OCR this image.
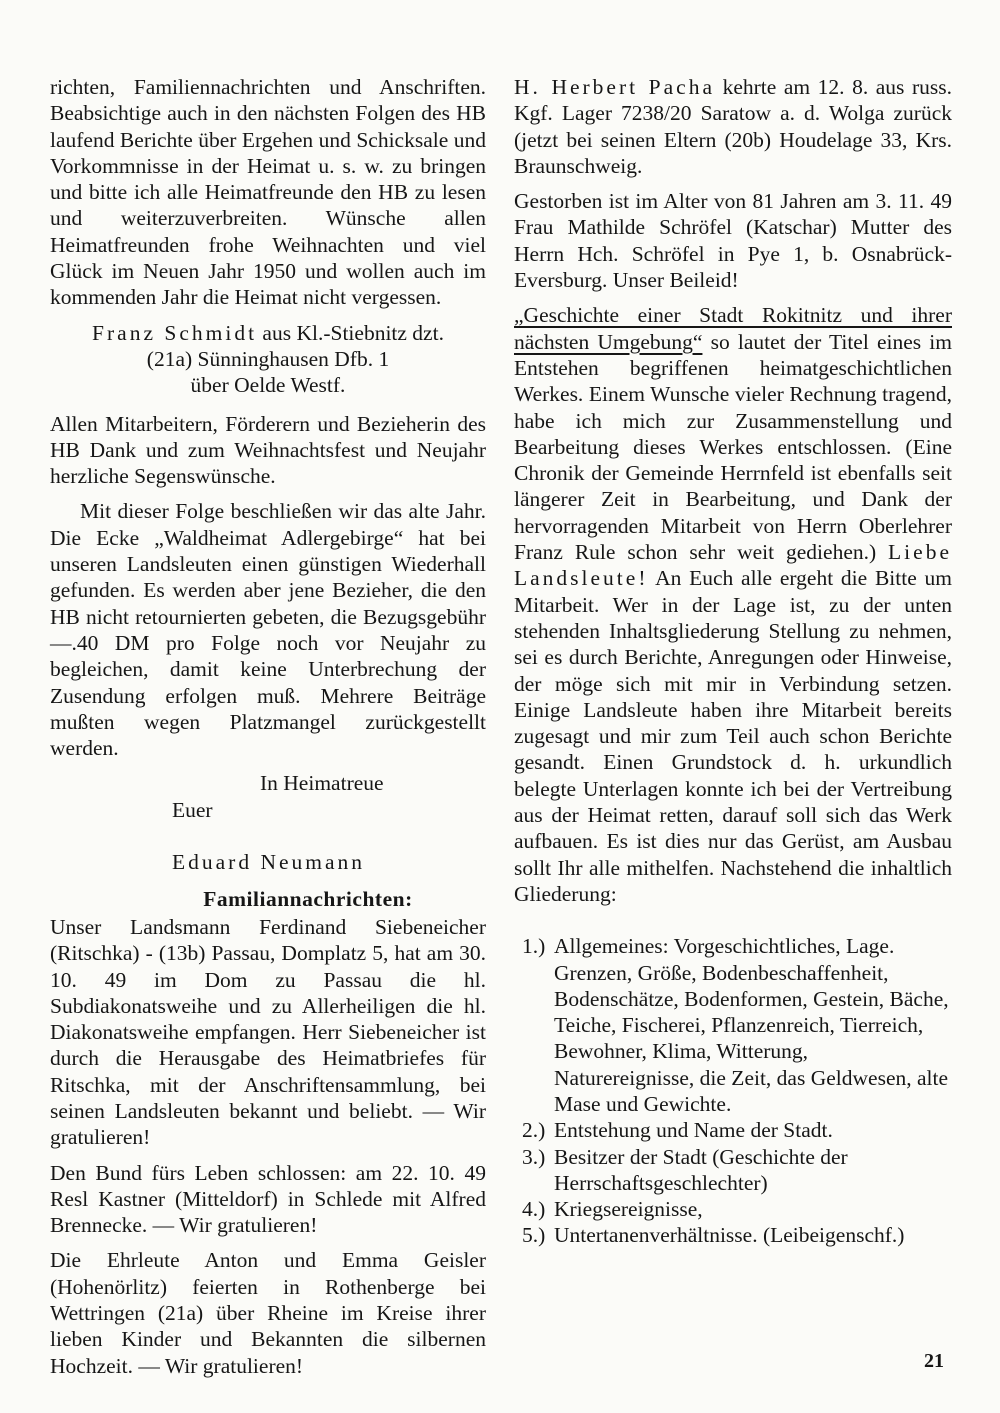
richten, Familiennachrichten und Anschriften. Beabsichtige auch in den nächsten Folgen des HB laufend Berichte über Ergehen und Schicksale und Vorkommnisse in der Heimat u. s. w. zu bringen und bitte ich alle Heimatfreunde den HB zu lesen und weiterzuverbreiten. Wünsche allen Heimatfreunden frohe Weihnachten und viel Glück im Neuen Jahr 1950 und wollen auch im kommenden Jahr die Heimat nicht vergessen.

Franz Schmidt aus Kl.-Stiebnitz dzt.
(21a) Sünninghausen Dfb. 1
über Oelde Westf.

Allen Mitarbeitern, Förderern und Bezieherin des HB Dank und zum Weihnachtsfest und Neujahr herzliche Segenswünsche.

Mit dieser Folge beschließen wir das alte Jahr. Die Ecke „Waldheimat Adlergebirge“ hat bei unseren Landsleuten einen günstigen Wiederhall gefunden. Es werden aber jene Bezieher, die den HB nicht retournierten gebeten, die Bezugsgebühr —.40 DM pro Folge noch vor Neujahr zu begleichen, damit keine Unterbrechung der Zusendung erfolgen muß. Mehrere Beiträge mußten wegen Platzmangel zurückgestellt werden.

In Heimatreue
Euer

Eduard Neumann
Familiannachrichten:

Unser Landsmann Ferdinand Siebeneicher (Ritschka) - (13b) Passau, Domplatz 5, hat am 30. 10. 49 im Dom zu Passau die hl. Subdiakonatsweihe und zu Allerheiligen die hl. Diakonatsweihe empfangen. Herr Siebeneicher ist durch die Herausgabe des Heimatbriefes für Ritschka, mit der Anschriftensammlung, bei seinen Landsleuten bekannt und beliebt. — Wir gratulieren!

Den Bund fürs Leben schlossen: am 22. 10. 49 Resl Kastner (Mitteldorf) in Schlede mit Alfred Brennecke. — Wir gratulieren!

Die Ehrleute Anton und Emma Geisler (Hohenörlitz) feierten in Rothenberge bei Wettringen (21a) über Rheine im Kreise ihrer lieben Kinder und Bekannten die silbernen Hochzeit. — Wir gratulieren!

H. Herbert Pacha kehrte am 12. 8. aus russ. Kgf. Lager 7238/20 Saratow a. d. Wolga zurück (jetzt bei seinen Eltern (20b) Houdelage 33, Krs. Braunschweig.

Gestorben ist im Alter von 81 Jahren am 3. 11. 49 Frau Mathilde Schröfel (Katschar) Mutter des Herrn Hch. Schröfel in Pye 1, b. Osnabrück-Eversburg. Unser Beileid!

„Geschichte einer Stadt Rokitnitz und ihrer nächsten Umgebung“ so lautet der Titel eines im Entstehen begriffenen heimatgeschichtlichen Werkes. Einem Wunsche vieler Rechnung tragend, habe ich mich zur Zusammenstellung und Bearbeitung dieses Werkes entschlossen. (Eine Chronik der Gemeinde Herrnfeld ist ebenfalls seit längerer Zeit in Bearbeitung, und Dank der hervorragenden Mitarbeit von Herrn Oberlehrer Franz Rule schon sehr weit gediehen.) Liebe Landsleute! An Euch alle ergeht die Bitte um Mitarbeit. Wer in der Lage ist, zu der unten stehenden Inhaltsgliederung Stellung zu nehmen, sei es durch Berichte, Anregungen oder Hinweise, der möge sich mit mir in Verbindung setzen. Einige Landsleute haben ihre Mitarbeit bereits zugesagt und mir zum Teil auch schon Berichte gesandt. Einen Grundstock d. h. urkundlich belegte Unterlagen konnte ich bei der Vertreibung aus der Heimat retten, darauf soll sich das Werk aufbauen. Es ist dies nur das Gerüst, am Ausbau sollt Ihr alle mithelfen. Nachstehend die inhaltlich Gliederung:

1.) Allgemeines: Vorgeschichtliches, Lage. Grenzen, Größe, Bodenbeschaffenheit, Bodenschätze, Bodenformen, Gestein, Bäche, Teiche, Fischerei, Pflanzenreich, Tierreich, Bewohner, Klima, Witterung, Naturereignisse, die Zeit, das Geldwesen, alte Mase und Gewichte.
2.) Entstehung und Name der Stadt.
3.) Besitzer der Stadt (Geschichte der Herrschaftsgeschlechter)
4.) Kriegsereignisse,
5.) Untertanenverhältnisse. (Leibeigenschf.)
21
